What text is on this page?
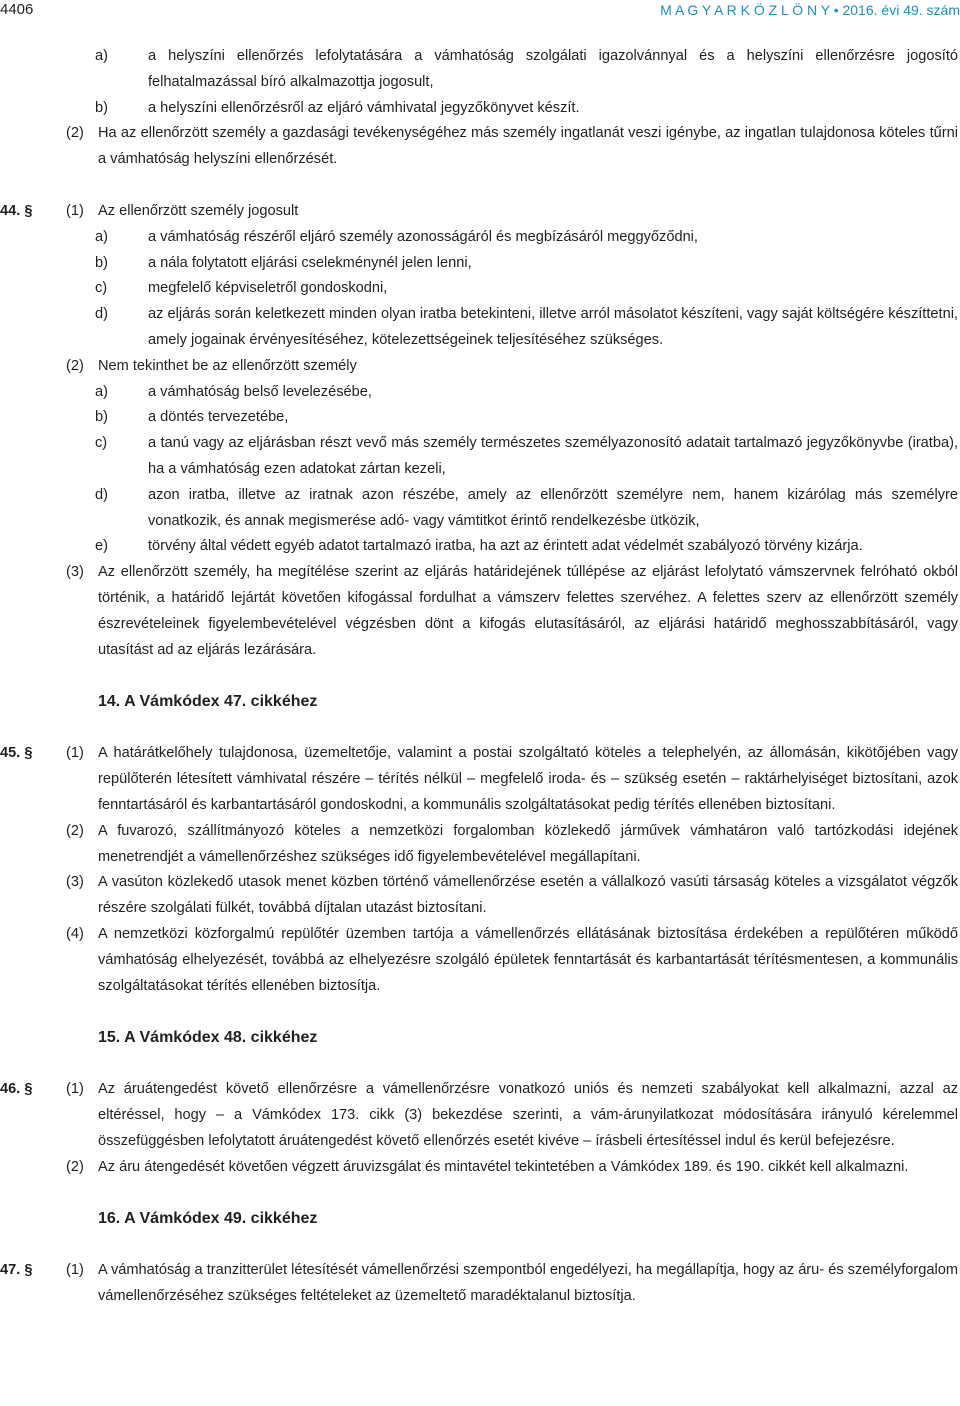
4406	M A G Y A R K Ö Z L Ö N Y • 2016. évi 49. szám
a)	a helyszíni ellenőrzés lefolytatására a vámhatóság szolgálati igazolvánnyal és a helyszíni ellenőrzésre jogosító felhatalmazással bíró alkalmazottja jogosult,
b)	a helyszíni ellenőrzésről az eljáró vámhivatal jegyzőkönyvet készít.
(2) Ha az ellenőrzött személy a gazdasági tevékenységéhez más személy ingatlanát veszi igénybe, az ingatlan tulajdonosa köteles tűrni a vámhatóság helyszíni ellenőrzését.
44. § (1) Az ellenőrzött személy jogosult
a)	a vámhatóság részéről eljáró személy azonosságáról és megbízásáról meggyőződni,
b)	a nála folytatott eljárási cselekménynél jelen lenni,
c)	megfelelő képviseletről gondoskodni,
d)	az eljárás során keletkezett minden olyan iratba betekinteni, illetve arról másolatot készíteni, vagy saját költségére készíttetni, amely jogainak érvényesítéséhez, kötelezettségeinek teljesítéséhez szükséges.
(2) Nem tekinthet be az ellenőrzött személy
a)	a vámhatóság belső levelezésébe,
b)	a döntés tervezetébe,
c)	a tanú vagy az eljárásban részt vevő más személy természetes személyazonosító adatait tartalmazó jegyzőkönyvbe (iratba), ha a vámhatóság ezen adatokat zártan kezeli,
d)	azon iratba, illetve az iratnak azon részébe, amely az ellenőrzött személyre nem, hanem kizárólag más személyre vonatkozik, és annak megismerése adó- vagy vámtitkot érintő rendelkezésbe ütközik,
e)	törvény által védett egyéb adatot tartalmazó iratba, ha azt az érintett adat védelmét szabályozó törvény kizárja.
(3) Az ellenőrzött személy, ha megítélése szerint az eljárás határidejének túllépése az eljárást lefolytató vámszervnek felróható okból történik, a határidő lejártát követően kifogással fordulhat a vámszerv felettes szervéhez. A felettes szerv az ellenőrzött személy észrevételeinek figyelembevételével végzésben dönt a kifogás elutasításáról, az eljárási határidő meghosszabbításáról, vagy utasítást ad az eljárás lezárására.
14. A Vámkódex 47. cikkéhez
45. § (1) A határátkelőhely tulajdonosa, üzemeltetője, valamint a postai szolgáltató köteles a telephelyén, az állomásán, kikötőjében vagy repülőterén létesített vámhivatal részére – térítés nélkül – megfelelő iroda- és – szükség esetén – raktárhelyiséget biztosítani, azok fenntartásáról és karbantartásáról gondoskodni, a kommunális szolgáltatásokat pedig térítés ellenében biztosítani.
(2) A fuvarozó, szállítmányozó köteles a nemzetközi forgalomban közlekedő járművek vámhatáron való tartózkodási idejének menetrendjét a vámellenőrzéshez szükséges idő figyelembevételével megállapítani.
(3) A vasúton közlekedő utasok menet közben történő vámellenőrzése esetén a vállalkozó vasúti társaság köteles a vizsgálatot végzők részére szolgálati fülkét, továbbá díjtalan utazást biztosítani.
(4) A nemzetközi közforgalmú repülőtér üzemben tartója a vámellenőrzés ellátásának biztosítása érdekében a repülőtéren működő vámhatóság elhelyezését, továbbá az elhelyezésre szolgáló épületek fenntartását és karbantartását térítésmentesen, a kommunális szolgáltatásokat térítés ellenében biztosítja.
15. A Vámkódex 48. cikkéhez
46. § (1) Az áruátengedést követő ellenőrzésre a vámellenőrzésre vonatkozó uniós és nemzeti szabályokat kell alkalmazni, azzal az eltéréssel, hogy – a Vámkódex 173. cikk (3) bekezdése szerinti, a vám-árunyilatkozat módosítására irányuló kérelemmel összefüggésben lefolytatott áruátengedést követő ellenőrzés esetét kivéve – írásbeli értesítéssel indul és kerül befejezésre.
(2) Az áru átengedését követően végzett áruvizsgálat és mintavétel tekintetében a Vámkódex 189. és 190. cikkét kell alkalmazni.
16. A Vámkódex 49. cikkéhez
47. § (1) A vámhatóság a tranzitterület létesítését vámellenőrzési szempontból engedélyezi, ha megállapítja, hogy az áru- és személyforgalom vámellenőrzéséhez szükséges feltételeket az üzemeltető maradéktalanul biztosítja.
